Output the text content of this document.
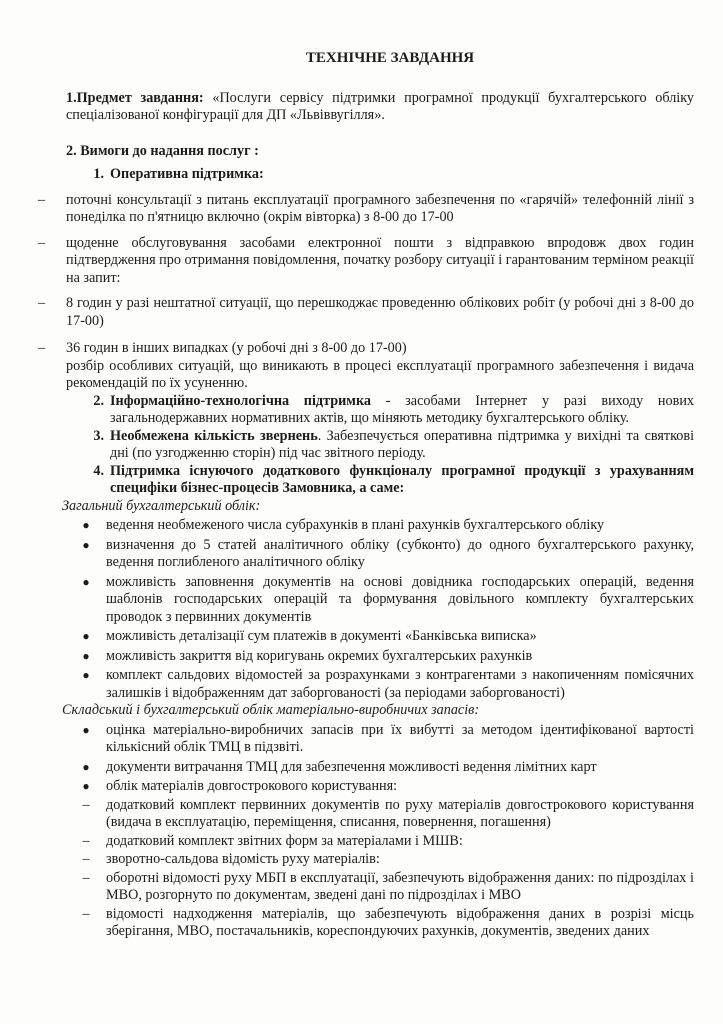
ТЕХНІЧНЕ ЗАВДАННЯ

1.Предмет завдання: «Послуги сервісу підтримки програмної продукції бухгалтерського обліку спеціалізованої конфігурації для ДП «Львіввугілля».

2. Вимоги до надання послуг :

1. Оперативна підтримка:
–	поточні консультації з питань експлуатації програмного забезпечення по «гарячій» телефонній лінії з понеділка по п'ятницю включно (окрім вівторка) з 8-00 до 17-00
–	щоденне обслуговування засобами електронної пошти з відправкою впродовж двох годин підтвердження про отримання повідомлення, початку розбору ситуації і гарантованим терміном реакції на запит:
–	8 годин у разі нештатної ситуації, що перешкоджає проведенню облікових робіт (у робочі дні з 8-00 до 17-00)
–	36 годин в інших випадках (у робочі дні з 8-00 до 17-00)

розбір особливих ситуацій, що виникають в процесі експлуатації програмного забезпечення і видача рекомендацій по їх усуненню.

2. Інформаційно-технологічна підтримка - засобами Інтернет у разі виходу нових загальнодержавних нормативних актів, що міняють методику бухгалтерського обліку.
3. Необмежена кількість звернень. Забезпечується оперативна підтримка у вихідні та святкові дні (по узгодженню сторін) під час звітного періоду.
4. Підтримка існуючого додаткового функціоналу програмної продукції з урахуванням специфіки бізнес-процесів Замовника, а саме:

Загальний бухгалтерський облік:

●	ведення необмеженого числа субрахунків в плані рахунків бухгалтерського обліку
●	визначення до 5 статей аналітичного обліку (субконто) до одного бухгалтерського рахунку, ведення поглибленого аналітичного обліку
●	можливість заповнення документів на основі довідника господарських операцій, ведення шаблонів господарських операцій та формування довільного комплекту бухгалтерських проводок з первинних документів
●	можливість деталізації сум платежів в документі «Банківська виписка»
●	можливість закриття від коригувань окремих бухгалтерських рахунків
●	комплект сальдових відомостей за розрахунками з контрагентами з накопиченням помісячних залишків і відображенням дат заборгованості (за періодами заборгованості)

Складський і бухгалтерський облік матеріально-виробничих запасів:

●	оцінка матеріально-виробничих запасів при їх вибутті за методом ідентифікованої вартості кількісний облік ТМЦ в підзвіті.
●	документи витрачання ТМЦ для забезпечення можливості ведення лімітних карт
●	облік матеріалів довгострокового користування:
–	додатковий комплект первинних документів по руху матеріалів довгострокового користування (видача в експлуатацію, переміщення, списання, повернення, погашення)
–	додатковий комплект звітних форм за матеріалами і МШВ:
–	зворотно-сальдова відомість руху матеріалів:
–	оборотні відомості руху МБП в експлуатації, забезпечують відображення даних: по підрозділах і МВО, розгорнуто по документам, зведені дані по підрозділах і МВО
–	відомості надходження матеріалів, що забезпечують відображення даних в розрізі місць зберігання, МВО, постачальників, кореспондуючих рахунків, документів, зведених даних
